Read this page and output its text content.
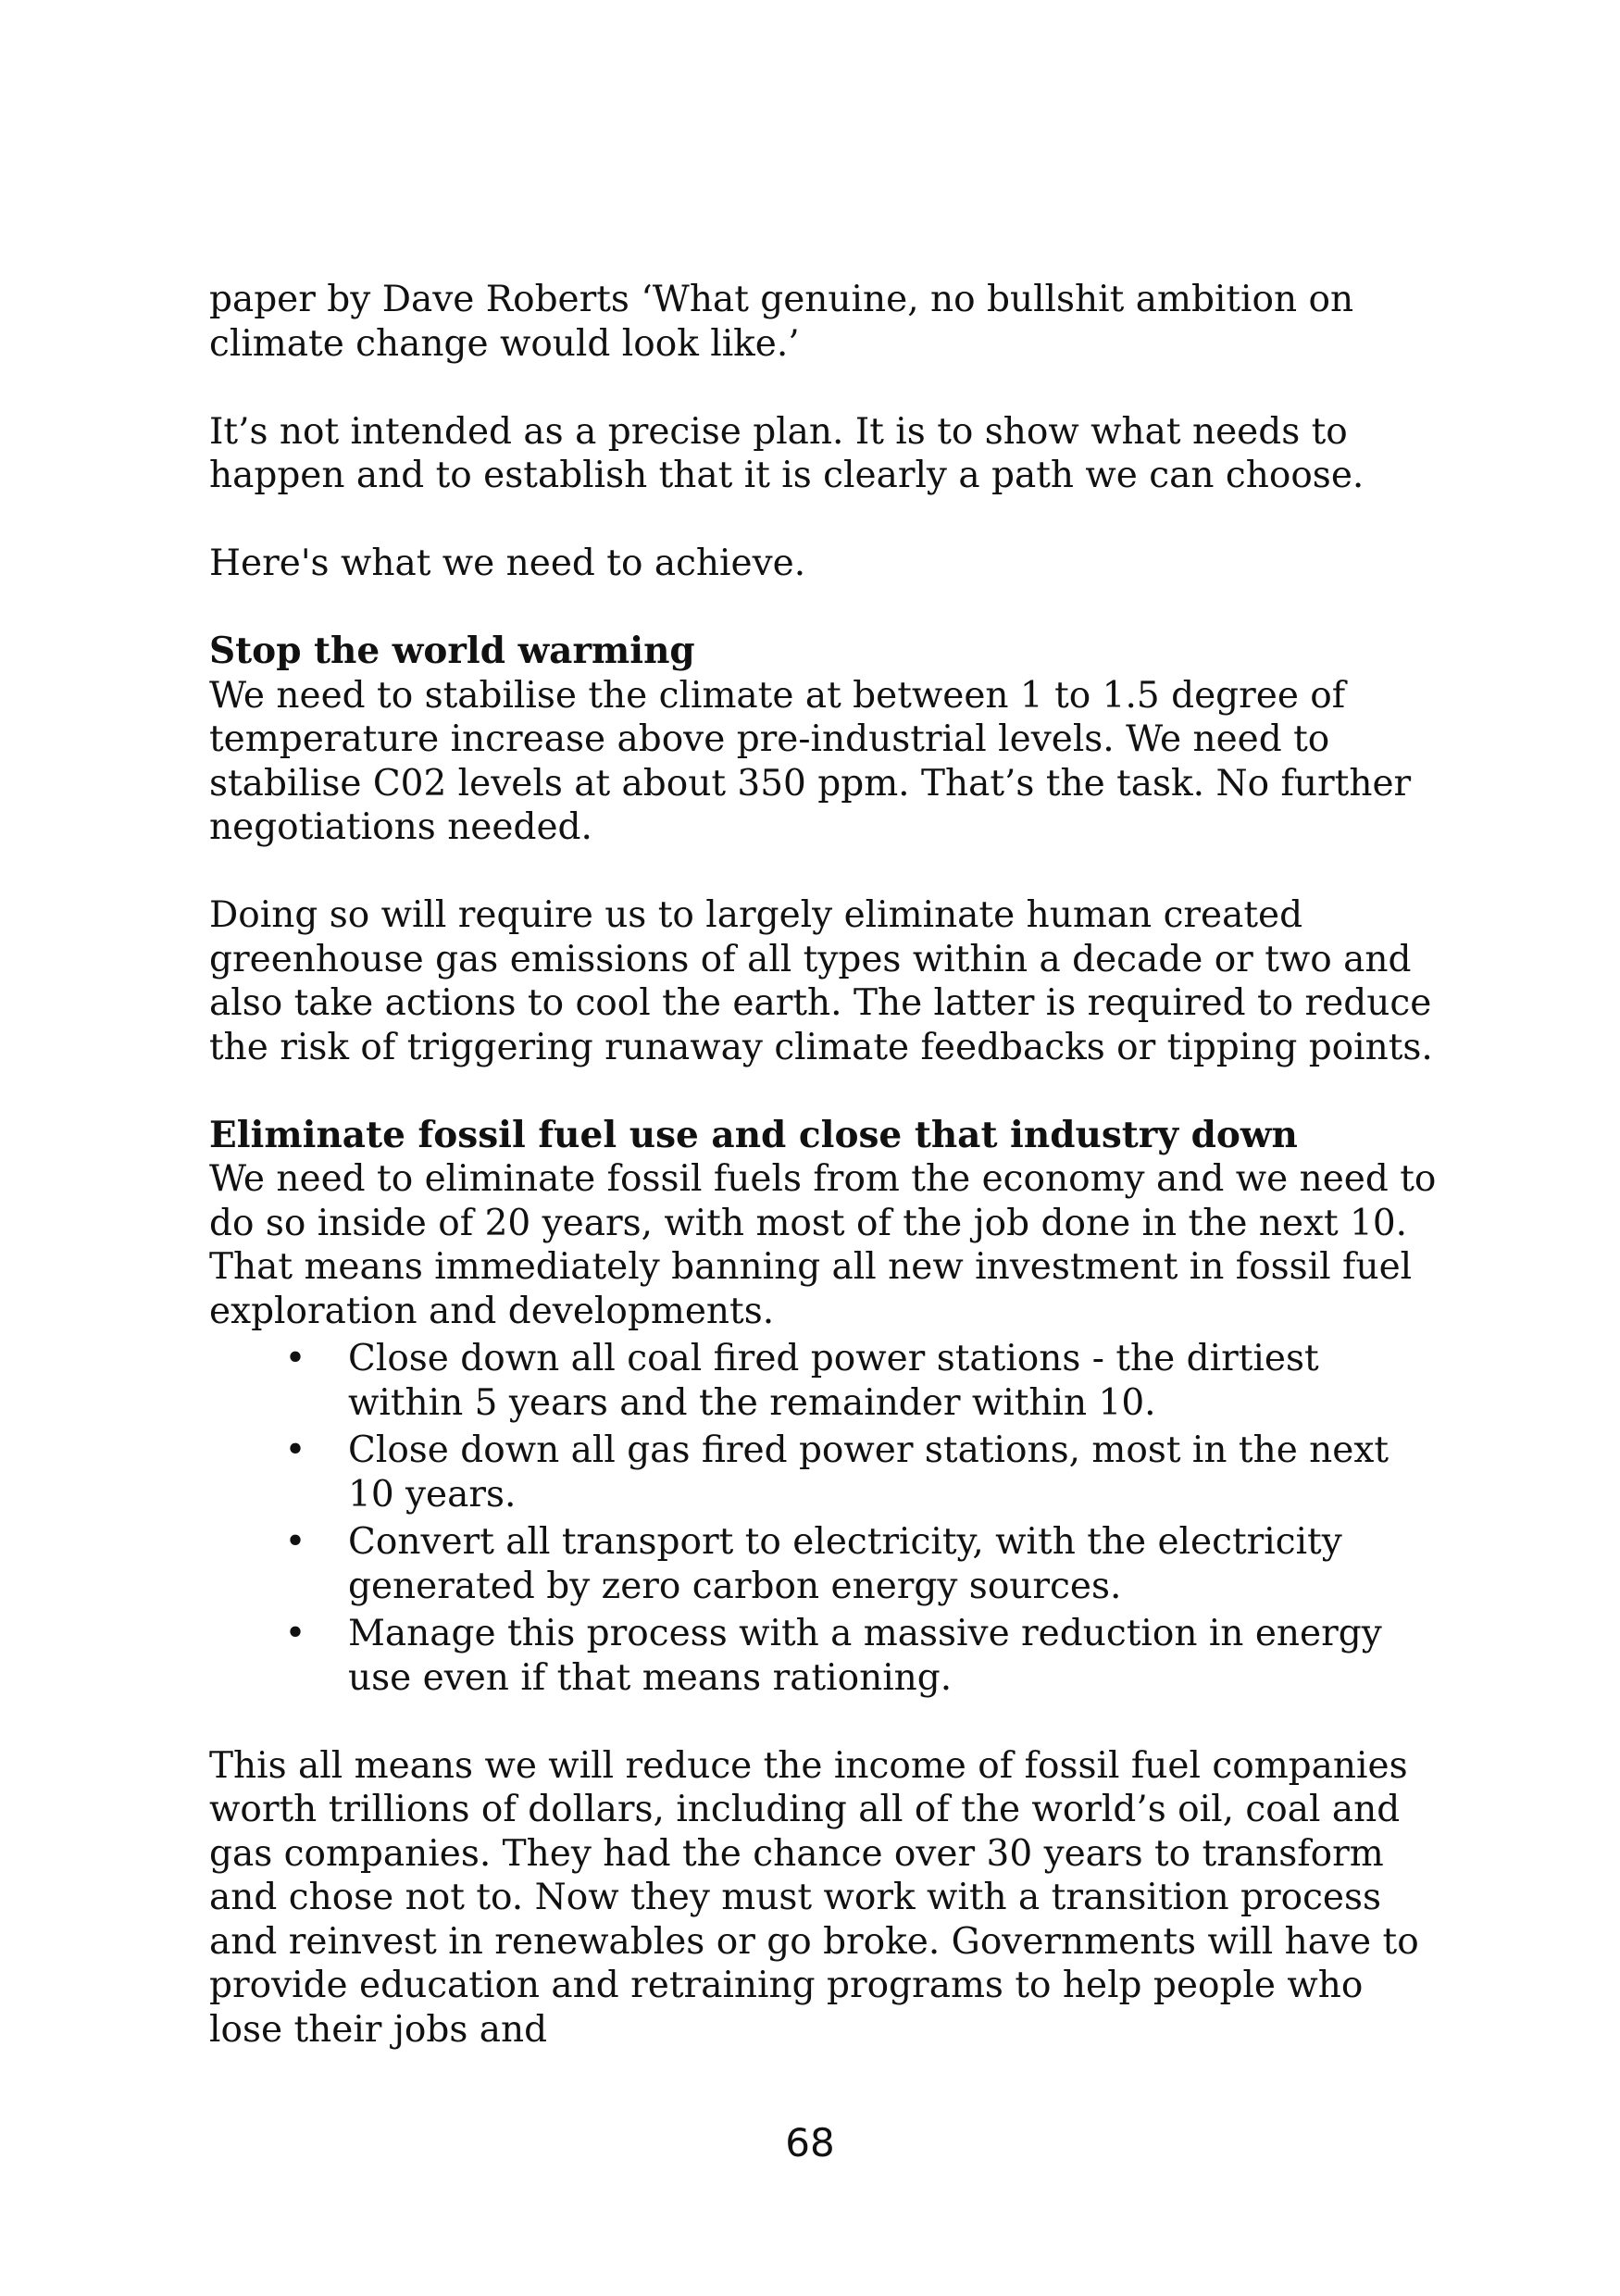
paper by Dave Roberts ‘What genuine, no bullshit ambition on climate change would look like.’

It’s not intended as a precise plan. It is to show what needs to happen and to establish that it is clearly a path we can choose.

Here's what we need to achieve.

Stop the world warming

We need to stabilise the climate at between 1 to 1.5 degree of temperature increase above pre-industrial levels. We need to stabilise C02 levels at about 350 ppm. That’s the task. No further negotiations needed.

Doing so will require us to largely eliminate human created greenhouse gas emissions of all types within a decade or two and also take actions to cool the earth. The latter is required to reduce the risk of triggering runaway climate feedbacks or tipping points.

Eliminate fossil fuel use and close that industry down

We need to eliminate fossil fuels from the economy and we need to do so inside of 20 years, with most of the job done in the next 10. That means immediately banning all new investment in fossil fuel exploration and developments.

• Close down all coal fired power stations - the dirtiest within 5 years and the remainder within 10.
• Close down all gas fired power stations, most in the next 10 years.
• Convert all transport to electricity, with the electricity generated by zero carbon energy sources.
• Manage this process with a massive reduction in energy use even if that means rationing.

This all means we will reduce the income of fossil fuel companies worth trillions of dollars, including all of the world’s oil, coal and gas companies. They had the chance over 30 years to transform and chose not to. Now they must work with a transition process and reinvest in renewables or go broke. Governments will have to provide education and retraining programs to help people who lose their jobs and

68
